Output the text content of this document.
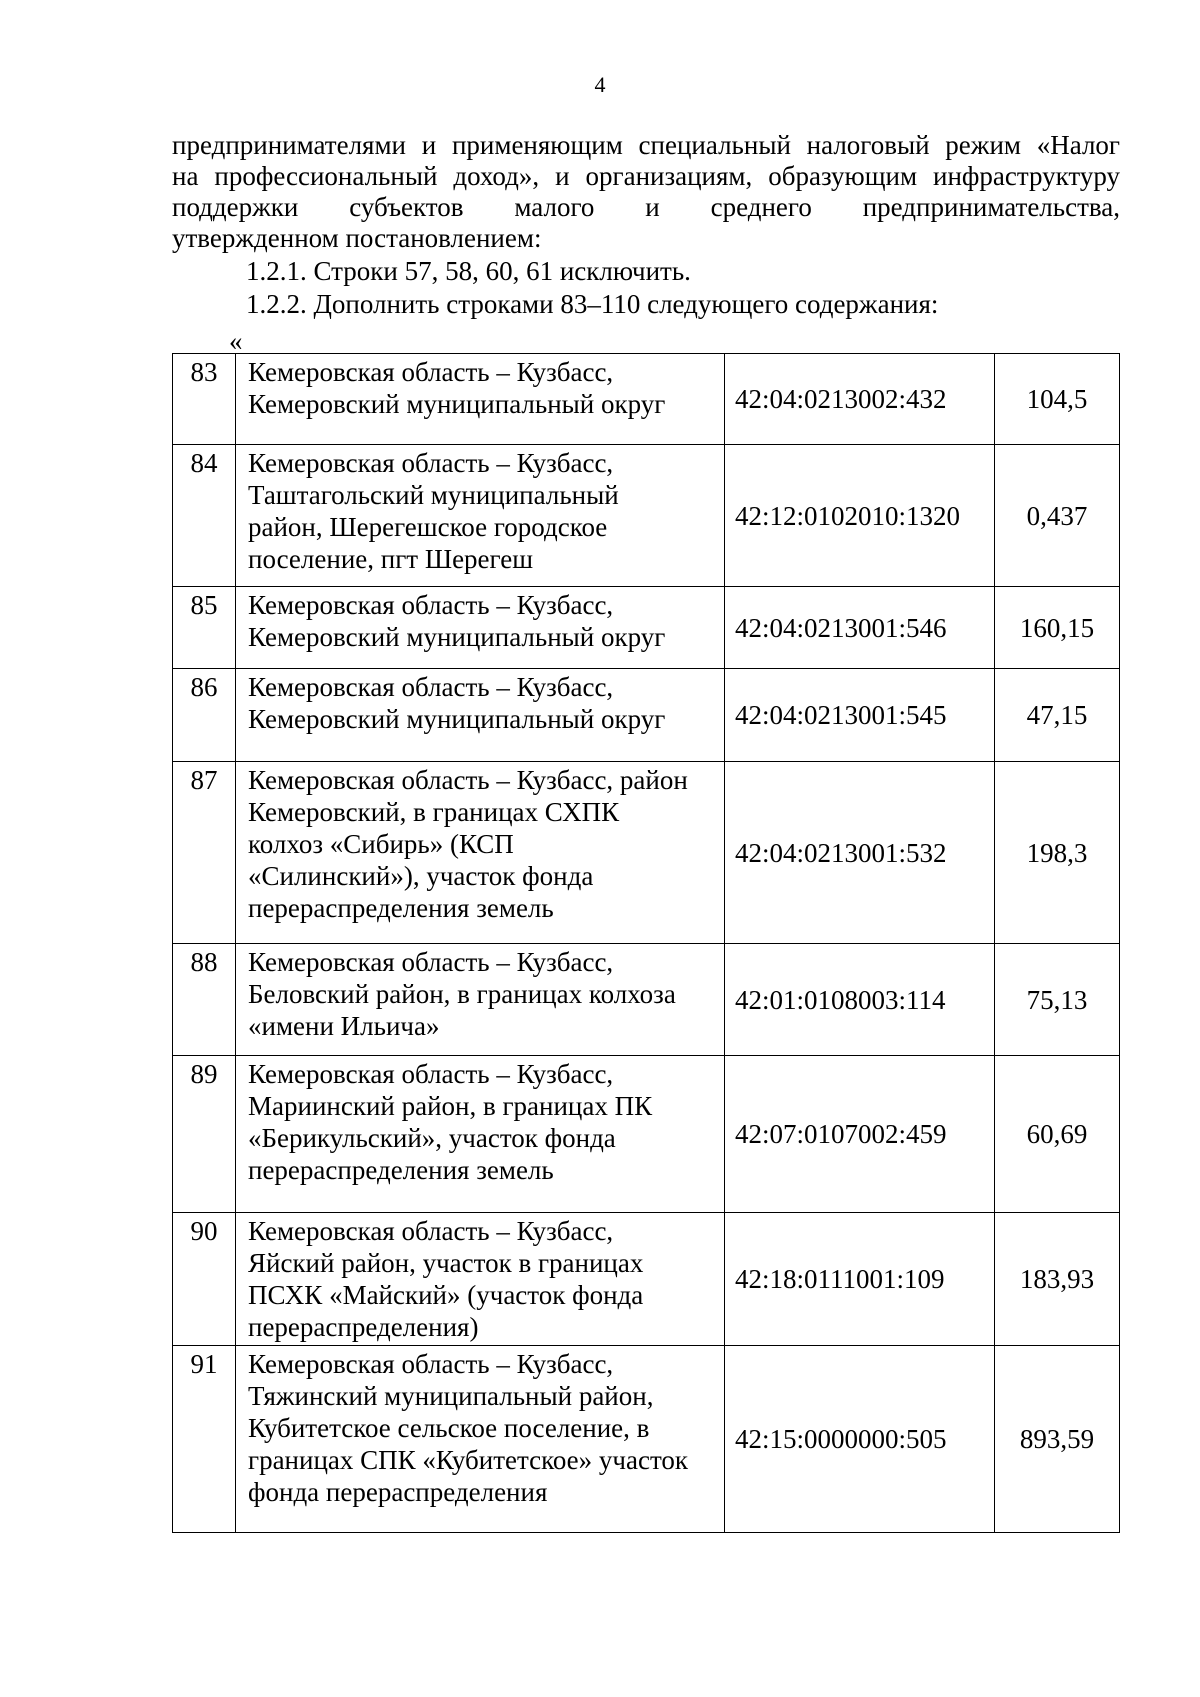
4
предпринимателями и применяющим специальный налоговый режим «Налог
на профессиональный доход», и организациям, образующим инфраструктуру
поддержки субъектов малого и среднего предпринимательства,
утвержденном постановлением:
1.2.1. Строки 57, 58, 60, 61 исключить.
1.2.2. Дополнить строками 83–110 следующего содержания:
«
83	Кемеровская область – Кузбасс,
Кемеровский муниципальный округ	42:04:0213002:432	104,5
84	Кемеровская область – Кузбасс,
Таштагольский муниципальный
район, Шерегешское городское
поселение, пгт Шерегеш	42:12:0102010:1320	0,437
85	Кемеровская область – Кузбасс,
Кемеровский муниципальный округ	42:04:0213001:546	160,15
86	Кемеровская область – Кузбасс,
Кемеровский муниципальный округ	42:04:0213001:545	47,15
87	Кемеровская область – Кузбасс, район
Кемеровский, в границах СХПК
колхоз «Сибирь» (КСП
«Силинский»), участок фонда
перераспределения земель	42:04:0213001:532	198,3
88	Кемеровская область – Кузбасс,
Беловский район, в границах колхоза
«имени Ильича»	42:01:0108003:114	75,13
89	Кемеровская область – Кузбасс,
Мариинский район, в границах ПК
«Берикульский», участок фонда
перераспределения земель	42:07:0107002:459	60,69
90	Кемеровская область – Кузбасс,
Яйский район, участок в границах
ПСХК «Майский» (участок фонда
перераспределения)	42:18:0111001:109	183,93
91	Кемеровская область – Кузбасс,
Тяжинский муниципальный район,
Кубитетское сельское поселение, в
границах СПК «Кубитетское» участок
фонда перераспределения	42:15:0000000:505	893,59
